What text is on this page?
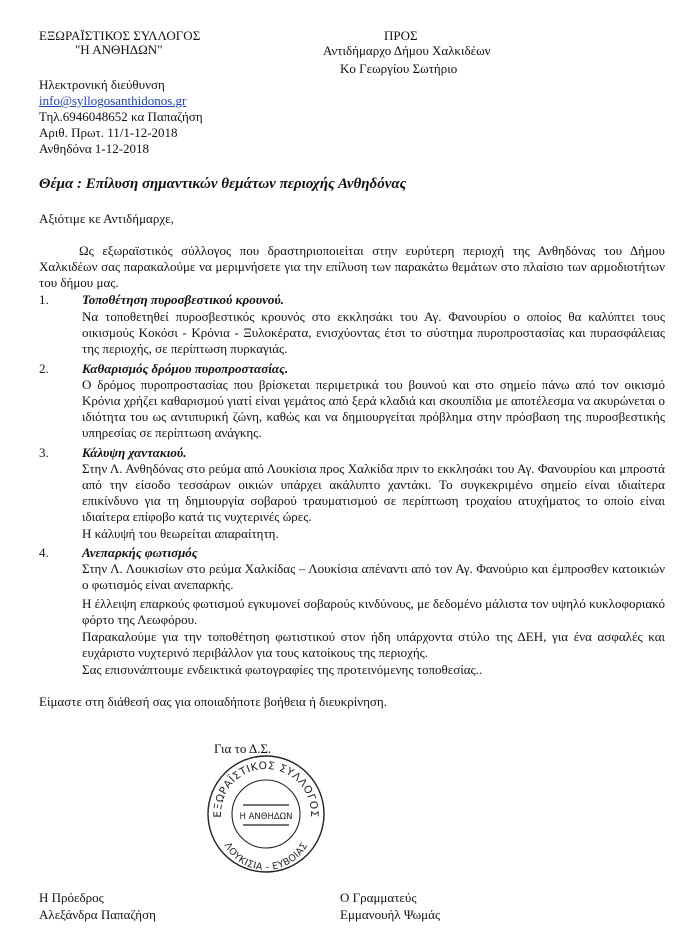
ΕΞΩΡΑΪΣΤΙΚΟΣ ΣΥΛΛΟΓΟΣ
"Η ΑΝΘΗΔΩΝ"
ΠΡΟΣ
Αντιδήμαρχο Δήμου Χαλκιδέων
Κο Γεωργίου Σωτήριο
Ηλεκτρονική διεύθυνση
info@syllogosanthidonos.gr
Τηλ.6946048652 κα Παπαζήση
Αριθ. Πρωτ. 11/1-12-2018
Ανθηδόνα 1-12-2018
Θέμα : Επίλυση σημαντικών θεμάτων περιοχής Ανθηδόνας
Αξιότιμε κε Αντιδήμαρχε,
Ως εξωραϊστικός σύλλογος που δραστηριοποιείται στην ευρύτερη περιοχή της Ανθηδόνας του Δήμου Χαλκιδέων σας παρακαλούμε να μεριμνήσετε για την επίλυση των παρακάτω θεμάτων στο πλαίσιο των αρμοδιοτήτων του δήμου μας.
1.	Τοποθέτηση πυροσβεστικού κρουνού.
Να τοποθετηθεί πυροσβεστικός κρουνός στο εκκλησάκι του Αγ. Φανουρίου ο οποίος θα καλύπτει τους οικισμούς Κοκόσι - Κρόνια - Ξυλοκέρατα, ενισχύοντας έτσι το σύστημα πυροπροστασίας και πυρασφάλειας της περιοχής, σε περίπτωση πυρκαγιάς.
2.	Καθαρισμός δρόμου πυροπροστασίας.
Ο δρόμος πυροπροστασίας που βρίσκεται περιμετρικά του βουνού και στο σημείο πάνω από τον οικισμό Κρόνια χρήζει καθαρισμού γιατί είναι γεμάτος από ξερά κλαδιά και σκουπίδια με αποτέλεσμα να ακυρώνεται ο ιδιότητα του ως αντιπυρική ζώνη, καθώς και να δημιουργείται πρόβλημα στην πρόσβαση της πυροσβεστικής υπηρεσίας σε περίπτωση ανάγκης.
3.	Κάλυψη χαντακιού.
Στην Λ. Ανθηδόνας στο ρεύμα από Λουκίσια προς Χαλκίδα πριν το εκκλησάκι του Αγ. Φανουρίου και μπροστά από την είσοδο τεσσάρων οικιών υπάρχει ακάλυπτο χαντάκι. Το συγκεκριμένο σημείο είναι ιδιαίτερα επικίνδυνο για τη δημιουργία σοβαρού τραυματισμού σε περίπτωση τροχαίου ατυχήματος το οποίο είναι ιδιαίτερα επίφοβο κατά τις νυχτερινές ώρες.
Η κάλυψή του θεωρείται απαραίτητη.
4.	Ανεπαρκής φωτισμός
Στην Λ. Λουκισίων στο ρεύμα Χαλκίδας – Λουκίσια απέναντι από τον Αγ. Φανούριο και έμπροσθεν κατοικιών ο φωτισμός είναι ανεπαρκής.
Η έλλειψη επαρκούς φωτισμού εγκυμονεί σοβαρούς κινδύνους, με δεδομένο μάλιστα τον υψηλό κυκλοφοριακό φόρτο της Λεωφόρου.
Παρακαλούμε για την τοποθέτηση φωτιστικού στον ήδη υπάρχοντα στύλο της ΔΕΗ, για ένα ασφαλές και ευχάριστο νυχτερινό περιβάλλον για τους κατοίκους της περιοχής.
Σας επισυνάπτουμε ενδεικτικά φωτογραφίες της προτεινόμενης τοποθεσίας..
Είμαστε στη διάθεσή σας για οποιαδήποτε βοήθεια ή διευκρίνηση.
Για το Δ.Σ.
ΕΞΩΡΑΪΣΤΙΚΟΣ ΣΥΛΛΟΓΟΣ
ΛΟΥΚΙΣΙΑ - ΕΥΒΟΙΑΣ
Η ΑΝΘΗΔΩΝ
Η Πρόεδρος
Αλεξάνδρα Παπαζήση
Ο Γραμματεύς
Εμμανουήλ Ψωμάς
